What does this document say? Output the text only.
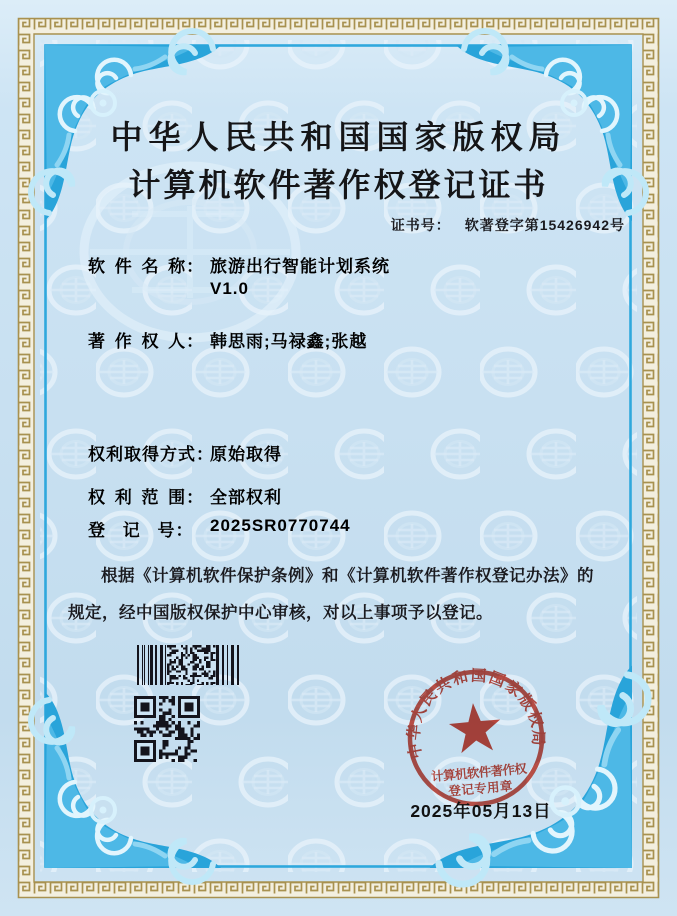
中华人民共和国国家版权局
计算机软件著作权登记证书
证书号： 软著登字第15426942号
软 件 名 称： 旅游出行智能计划系统
V1.0
著 作 权 人： 韩思雨;马禄鑫;张越
权利取得方式：
原始取得
权 利 范 围： 全部权利
登 记 号： 2025SR0770744

根据《计算机软件保护条例》和《计算机软件著作权登记办法》的规定，经中国版权保护中心审核，对以上事项予以登记。

中华人民共和国国家版权局
计算机软件著作权
登记专用章
2025年05月13日
